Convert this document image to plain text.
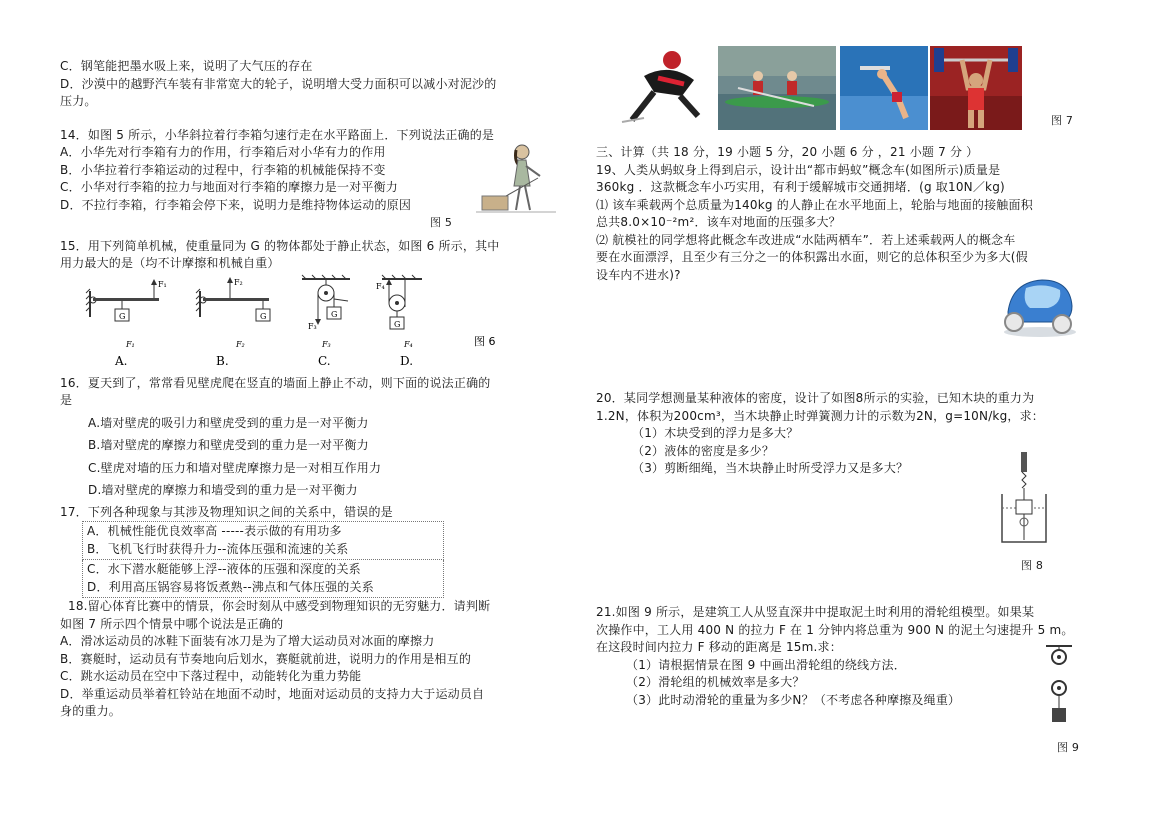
C．钢笔能把墨水吸上来，说明了大气压的存在

D．沙漠中的越野汽车装有非常宽大的轮子，说明增大受力面积可以减小对泥沙的

压力。

14．如图 5 所示，小华斜拉着行李箱匀速行走在水平路面上．下列说法正确的是

A．小华先对行李箱有力的作用，行李箱后对小华有力的作用

B．小华拉着行李箱运动的过程中，行李箱的机械能保持不变

C．小华对行李箱的拉力与地面对行李箱的摩擦力是一对平衡力

D．不拉行李箱，行李箱会停下来，说明力是维持物体运动的原因

图 5

15．用下列简单机械，使重量同为 G 的物体都处于静止状态，如图 6 所示，其中

用力最大的是（均不计摩擦和机械自重）

F₁
G
F₁
F₂
G
F₂
F₃
G
F₃
F₄
G
F₄	图 6
A.	B.	C.	D.

16．夏天到了，常常看见壁虎爬在竖直的墙面上静止不动，则下面的说法正确的

是

A.墙对壁虎的吸引力和壁虎受到的重力是一对平衡力

B.墙对壁虎的摩擦力和壁虎受到的重力是一对平衡力

C.壁虎对墙的压力和墙对壁虎摩擦力是一对相互作用力

D.墙对壁虎的摩擦力和墙受到的重力是一对平衡力

17．下列各种现象与其涉及物理知识之间的关系中，错误的是

A．机械性能优良效率高 -----表示做的有用功多

B．飞机飞行时获得升力--流体压强和流速的关系

C．水下潜水艇能够上浮--液体的压强和深度的关系

D．利用高压锅容易将饭煮熟--沸点和气体压强的关系

18.留心体育比赛中的情景，你会时刻从中感受到物理知识的无穷魅力．请判断

如图 7 所示四个情景中哪个说法是正确的

A．滑冰运动员的冰鞋下面装有冰刀是为了增大运动员对冰面的摩擦力

B．赛艇时，运动员有节奏地向后划水，赛艇就前进，说明力的作用是相互的

C．跳水运动员在空中下落过程中，动能转化为重力势能

D．举重运动员举着杠铃站在地面不动时，地面对运动员的支持力大于运动员自

身的重力。

图 7

三、计算（共 18 分，19 小题 5 分，20 小题 6 分 ，21 小题 7 分 ）

19、人类从蚂蚁身上得到启示，设计出“都市蚂蚁”概念车(如图所示)质量是

360kg ．这款概念车小巧实用，有利于缓解城市交通拥堵．(g 取10N／kg)

⑴ 该车乘载两个总质量为140kg 的人静止在水平地面上，轮胎与地面的接触面积

总共8.0×10⁻²m²．该车对地面的压强多大？

⑵ 航模社的同学想将此概念车改进成“水陆两栖车”．若上述乘载两人的概念车

要在水面漂浮，且至少有三分之一的体积露出水面，则它的总体积至少为多大(假

设车内不进水)?

20．某同学想测量某种液体的密度，设计了如图8所示的实验，已知木块的重力为

1.2N，体积为200cm³，当木块静止时弹簧测力计的示数为2N，g=10N/kg，求：

（1）木块受到的浮力是多大？

（2）液体的密度是多少？

（3）剪断细绳，当木块静止时所受浮力又是多大？

图 8

21.如图 9 所示，是建筑工人从竖直深井中提取泥土时利用的滑轮组模型。如果某

次操作中，工人用 400 N 的拉力 F 在 1 分钟内将总重为 900 N 的泥土匀速提升 5 m。

在这段时间内拉力 F 移动的距离是 15m.求：

（1）请根据情景在图 9 中画出滑轮组的绕线方法．

（2）滑轮组的机械效率是多大？

（3）此时动滑轮的重量为多少N？（不考虑各种摩擦及绳重）

图 9
